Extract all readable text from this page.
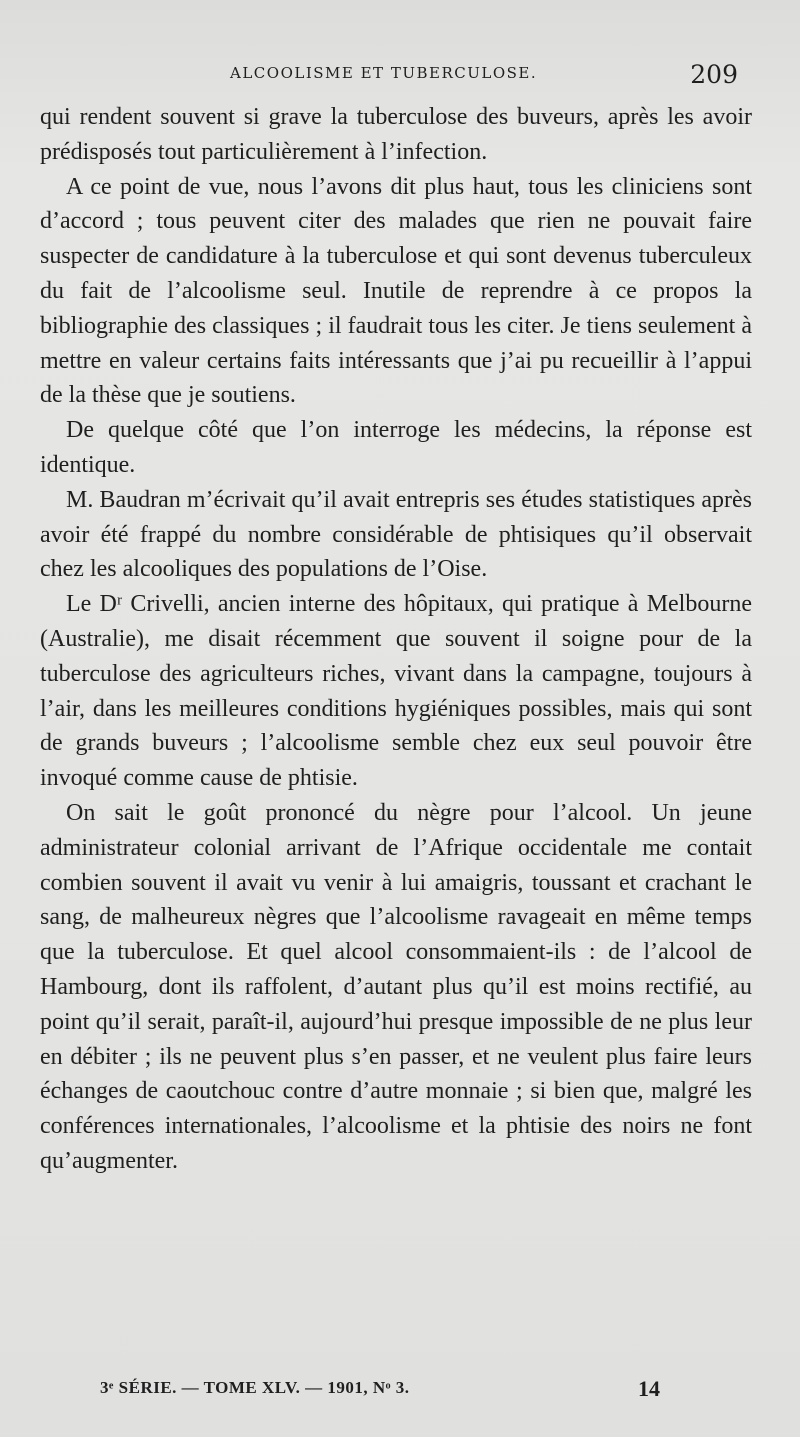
ALCOOLISME ET TUBERCULOSE.	209

qui rendent souvent si grave la tuberculose des buveurs, après les avoir prédisposés tout particulièrement à l’infection.

A ce point de vue, nous l’avons dit plus haut, tous les cliniciens sont d’accord ; tous peuvent citer des malades que rien ne pouvait faire suspecter de candidature à la tuberculose et qui sont devenus tuberculeux du fait de l’alcoolisme seul. Inutile de reprendre à ce propos la bibliographie des classiques ; il faudrait tous les citer. Je tiens seulement à mettre en valeur certains faits intéressants que j’ai pu recueillir à l’appui de la thèse que je soutiens.

De quelque côté que l’on interroge les médecins, la réponse est identique.

M. Baudran m’écrivait qu’il avait entrepris ses études statistiques après avoir été frappé du nombre considérable de phtisiques qu’il observait chez les alcooliques des populations de l’Oise.

Le Dʳ Crivelli, ancien interne des hôpitaux, qui pratique à Melbourne (Australie), me disait récemment que souvent il soigne pour de la tuberculose des agriculteurs riches, vivant dans la campagne, toujours à l’air, dans les meilleures conditions hygiéniques possibles, mais qui sont de grands buveurs ; l’alcoolisme semble chez eux seul pouvoir être invoqué comme cause de phtisie.

On sait le goût prononcé du nègre pour l’alcool. Un jeune administrateur colonial arrivant de l’Afrique occidentale me contait combien souvent il avait vu venir à lui amaigris, toussant et crachant le sang, de malheureux nègres que l’alcoolisme ravageait en même temps que la tuberculose. Et quel alcool consommaient-ils : de l’alcool de Hambourg, dont ils raffolent, d’autant plus qu’il est moins rectifié, au point qu’il serait, paraît-il, aujourd’hui presque impossible de ne plus leur en débiter ; ils ne peuvent plus s’en passer, et ne veulent plus faire leurs échanges de caoutchouc contre d’autre monnaie ; si bien que, malgré les conférences internationales, l’alcoolisme et la phtisie des noirs ne font qu’augmenter.

3ᵉ SÉRIE. — TOME XLV. — 1901, Nᵒ 3.	14
